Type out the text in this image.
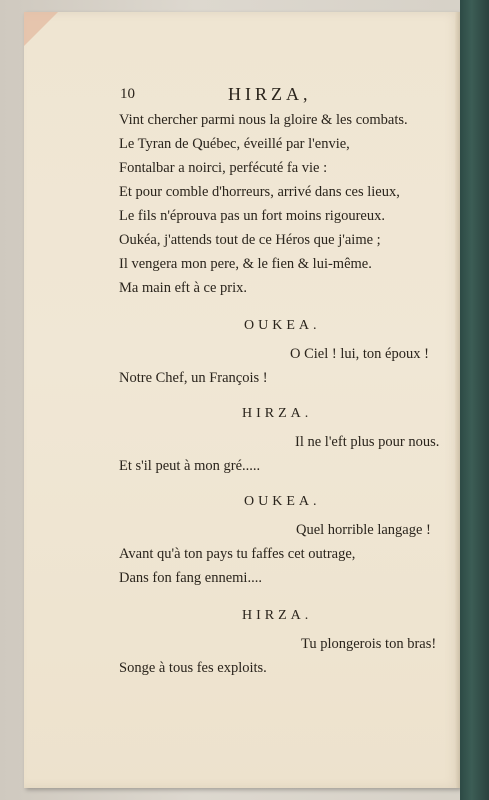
10	HIRZA,
Vint chercher parmi nous la gloire & les combats.
Le Tyran de Québec, éveillé par l'envie,
Fontalbar a noirci, perfécuté fa vie :
Et pour comble d'horreurs, arrivé dans ces lieux,
Le fils n'éprouva pas un fort moins rigoureux.
Oukéa, j'attends tout de ce Héros que j'aime ;
Il vengera mon pere, & le fien & lui-même.
Ma main eft à ce prix.
OUKEA.
O Ciel ! lui, ton époux !
Notre Chef, un François !
HIRZA.
Il ne l'eft plus pour nous.
Et s'il peut à mon gré.....
OUKEA.
Quel horrible langage !
Avant qu'à ton pays tu faffes cet outrage,
Dans fon fang ennemi....
HIRZA.
Tu plongerois ton bras!
Songe à tous fes exploits.
